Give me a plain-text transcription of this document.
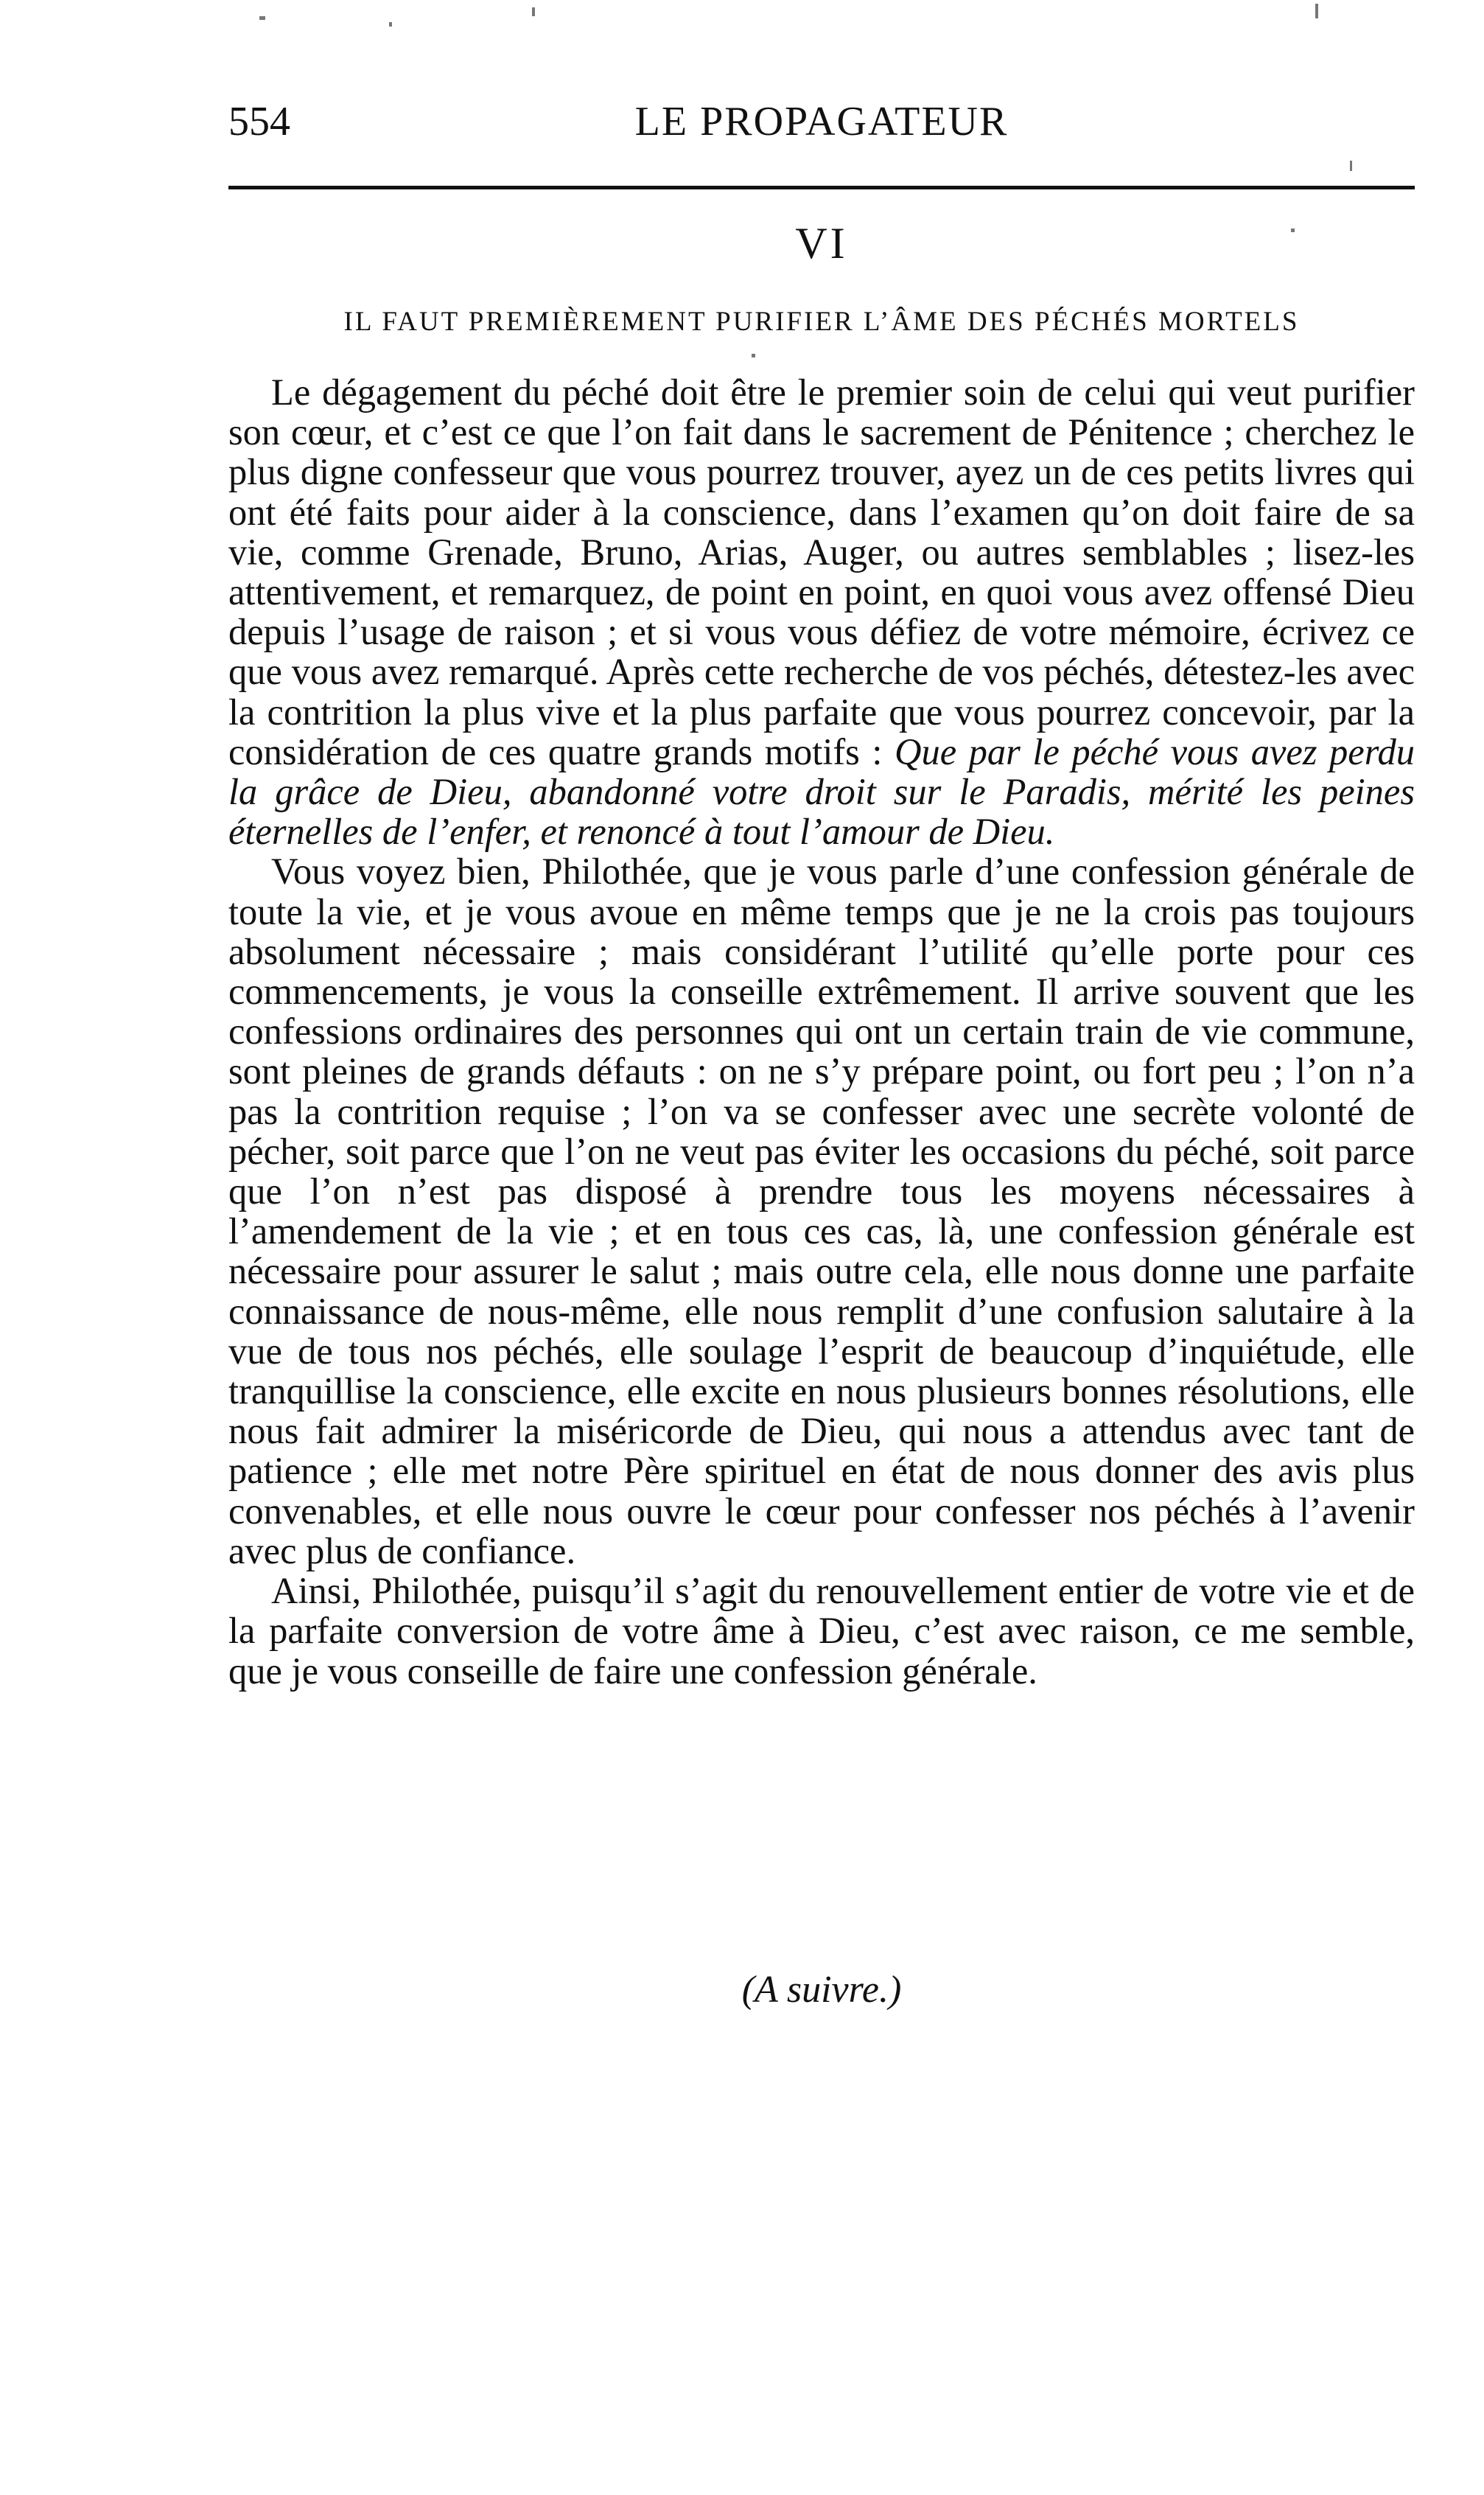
554	LE PROPAGATEUR
VI
IL FAUT PREMIÈREMENT PURIFIER L’ÂME DES PÉCHÉS MORTELS

Le dégagement du péché doit être le premier soin de celui qui veut purifier son cœur, et c’est ce que l’on fait dans le sacrement de Pénitence ; cherchez le plus digne confesseur que vous pourrez trouver, ayez un de ces petits livres qui ont été faits pour aider à la conscience, dans l’examen qu’on doit faire de sa vie, comme Grenade, Bruno, Arias, Auger, ou autres semblables ; lisez-les attentivement, et remarquez, de point en point, en quoi vous avez offensé Dieu depuis l’usage de raison ; et si vous vous défiez de votre mémoire, écrivez ce que vous avez remarqué. Après cette recherche de vos péchés, détestez-les avec la contrition la plus vive et la plus parfaite que vous pourrez concevoir, par la considération de ces quatre grands motifs : Que par le péché vous avez perdu la grâce de Dieu, abandonné votre droit sur le Paradis, mérité les peines éternelles de l’enfer, et renoncé à tout l’amour de Dieu.

Vous voyez bien, Philothée, que je vous parle d’une confession générale de toute la vie, et je vous avoue en même temps que je ne la crois pas toujours absolument nécessaire ; mais considérant l’utilité qu’elle porte pour ces commencements, je vous la conseille extrêmement. Il arrive souvent que les confessions ordinaires des personnes qui ont un certain train de vie commune, sont pleines de grands défauts : on ne s’y prépare point, ou fort peu ; l’on n’a pas la contrition requise ; l’on va se confesser avec une secrète volonté de pécher, soit parce que l’on ne veut pas éviter les occasions du péché, soit parce que l’on n’est pas disposé à prendre tous les moyens nécessaires à l’amendement de la vie ; et en tous ces cas, là, une confession générale est nécessaire pour assurer le salut ; mais outre cela, elle nous donne une parfaite connaissance de nous-même, elle nous remplit d’une confusion salutaire à la vue de tous nos péchés, elle soulage l’esprit de beaucoup d’inquiétude, elle tranquillise la conscience, elle excite en nous plusieurs bonnes résolutions, elle nous fait admirer la miséricorde de Dieu, qui nous a attendus avec tant de patience ; elle met notre Père spirituel en état de nous donner des avis plus convenables, et elle nous ouvre le cœur pour confesser nos péchés à l’avenir avec plus de confiance.

Ainsi, Philothée, puisqu’il s’agit du renouvellement entier de votre vie et de la parfaite conversion de votre âme à Dieu, c’est avec raison, ce me semble, que je vous conseille de faire une confession générale.

(A suivre.)
